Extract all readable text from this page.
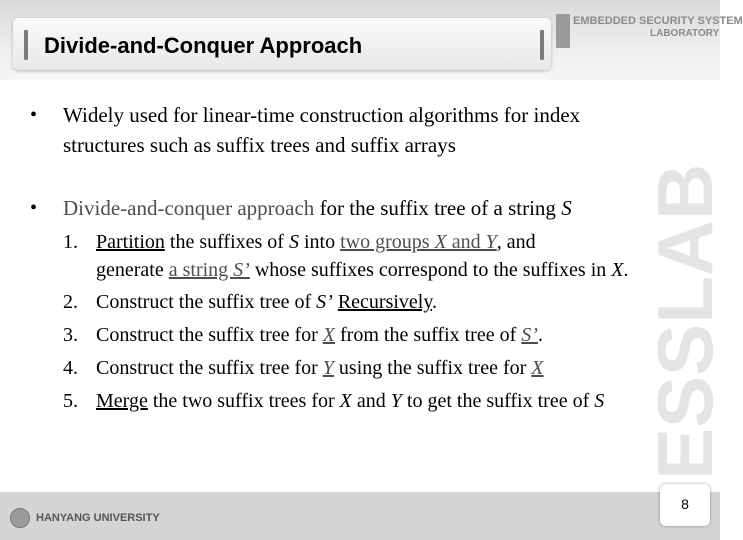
Divide-and-Conquer Approach
EMBEDDED SECURITY SYSTEM
LABORATORY
ESSLAB
HANYANG UNIVERSITY
8
• Widely used for linear-time construction algorithms for index
structures such as suffix trees and suffix arrays
• Divide-and-conquer approach for the suffix tree of a string S
1. Partition the suffixes of S into two groups X and Y, and
generate a string S’ whose suffixes correspond to the suffixes in X.
2. Construct the suffix tree of S’ Recursively.
3. Construct the suffix tree for X from the suffix tree of S’.
4. Construct the suffix tree for Y using the suffix tree for X
5. Merge the two suffix trees for X and Y to get the suffix tree of S
